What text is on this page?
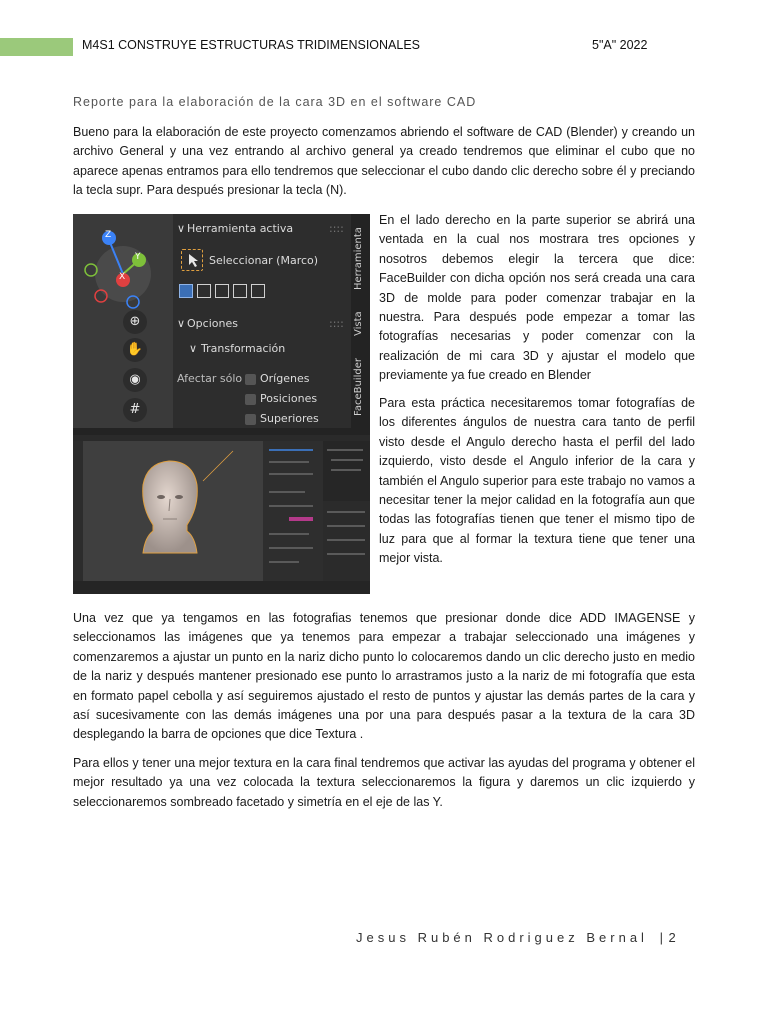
M4S1 CONSTRUYE ESTRUCTURAS TRIDIMENSIONALES	5"A" 2022
Reporte para la elaboración de la cara 3D en el software CAD

Bueno para la elaboración de este proyecto comenzamos abriendo el software de CAD (Blender) y creando un archivo General y una vez entrando al archivo general ya creado tendremos que eliminar el cubo que no aparece apenas entramos para ello tendremos que seleccionar el cubo dando clic derecho sobre él y preciando la tecla supr. Para después presionar la tecla (N).

Z
Y
X
⊕
✋
◉
#
∨ Herramienta activa	::::
Seleccionar (Marco)
∨ Opciones	::::
∨ Transformación
Afectar sólo Orígenes
Posiciones
Superiores
Herramienta
Vista
FaceBuilder

En el lado derecho en la parte superior se abrirá una ventada en la cual nos mostrara tres opciones y nosotros debemos elegir la tercera que dice: FaceBuilder con dicha opción nos será creada una cara 3D de molde para poder comenzar trabajar en la nuestra. Para después pode empezar a tomar las fotografías necesarias y poder comenzar con la realización de mi cara 3D y ajustar el modelo que previamente ya fue creado en Blender

Para esta práctica necesitaremos tomar fotografías de los diferentes ángulos de nuestra cara tanto de perfil visto desde el Angulo derecho hasta el perfil del lado izquierdo, visto desde el Angulo inferior de la cara y también el Angulo superior para este trabajo no vamos a necesitar tener la mejor calidad en la fotografía aun que todas las fotografías tienen que tener el mismo tipo de luz para que al formar la textura tiene que tener una mejor vista.

Una vez que ya tengamos en las fotografias tenemos que presionar donde dice ADD IMAGENSE y seleccionamos las imágenes que ya tenemos para empezar a trabajar seleccionado una imágenes y comenzaremos a ajustar un punto en la nariz dicho punto lo colocaremos dando un clic derecho justo en medio de la nariz y después mantener presionado ese punto lo arrastramos justo a la nariz de mi fotografía que esta en formato papel cebolla y así seguiremos ajustado el resto de puntos y ajustar las demás partes de la cara y así sucesivamente con las demás imágenes una por una para después pasar a la textura de la cara 3D desplegando la barra de opciones que dice Textura .

Para ellos y tener una mejor textura en la cara final tendremos que activar las ayudas del programa y obtener el mejor resultado ya una vez colocada la textura seleccionaremos la figura y daremos un clic izquierdo y seleccionaremos sombreado facetado y simetría en el eje de las Y.

Jesus Rubén Rodriguez Bernal | 2
